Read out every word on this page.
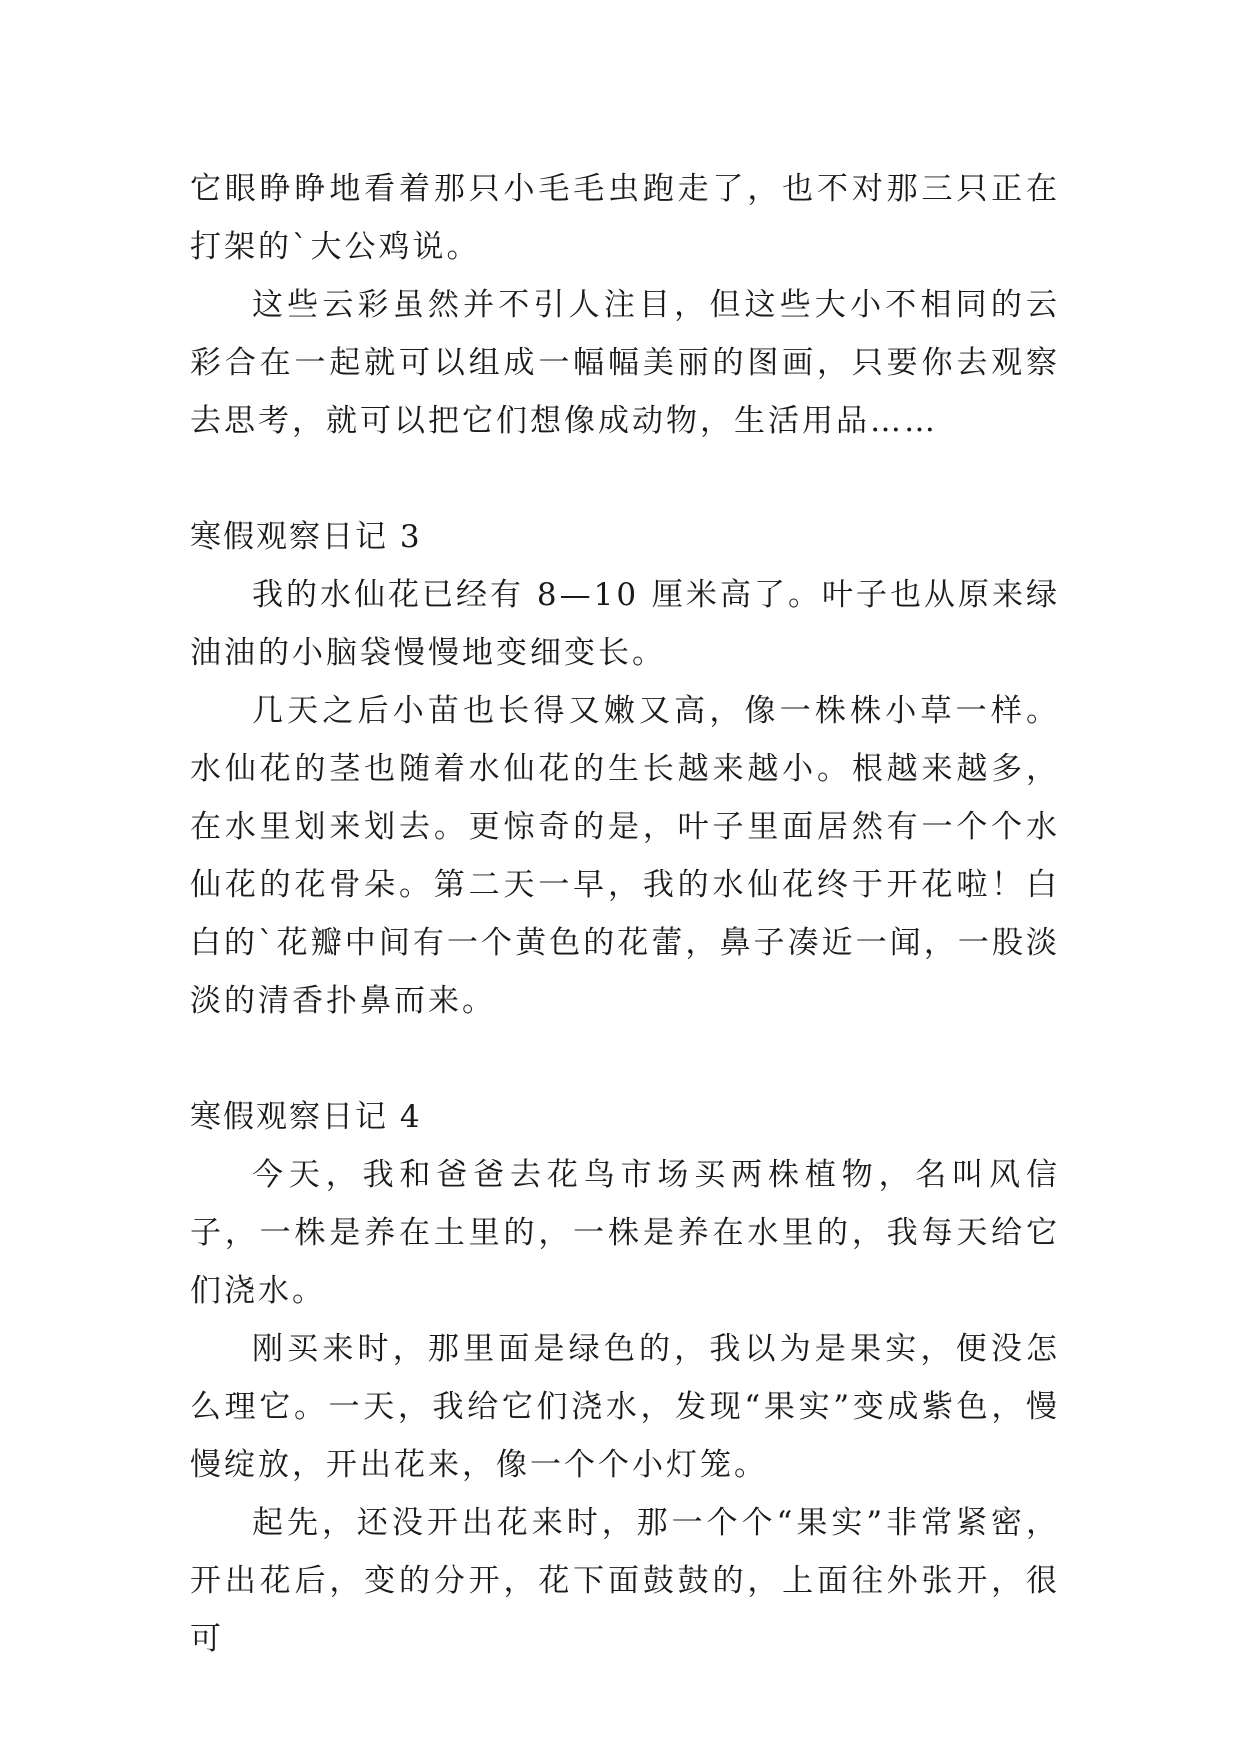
它眼睁睁地看着那只小毛毛虫跑走了，也不对那三只正在打架的`大公鸡说。

这些云彩虽然并不引人注目，但这些大小不相同的云彩合在一起就可以组成一幅幅美丽的图画，只要你去观察去思考，就可以把它们想像成动物，生活用品……

寒假观察日记 3

我的水仙花已经有 8—10 厘米高了。叶子也从原来绿油油的小脑袋慢慢地变细变长。

几天之后小苗也长得又嫩又高，像一株株小草一样。水仙花的茎也随着水仙花的生长越来越小。根越来越多，在水里划来划去。更惊奇的是，叶子里面居然有一个个水仙花的花骨朵。第二天一早，我的水仙花终于开花啦！白白的`花瓣中间有一个黄色的花蕾，鼻子凑近一闻，一股淡淡的清香扑鼻而来。

寒假观察日记 4

今天，我和爸爸去花鸟市场买两株植物，名叫风信子，一株是养在土里的，一株是养在水里的，我每天给它们浇水。

刚买来时，那里面是绿色的，我以为是果实，便没怎么理它。一天，我给它们浇水，发现“果实”变成紫色，慢慢绽放，开出花来，像一个个小灯笼。

起先，还没开出花来时，那一个个“果实”非常紧密，开出花后，变的分开，花下面鼓鼓的，上面往外张开，很可
